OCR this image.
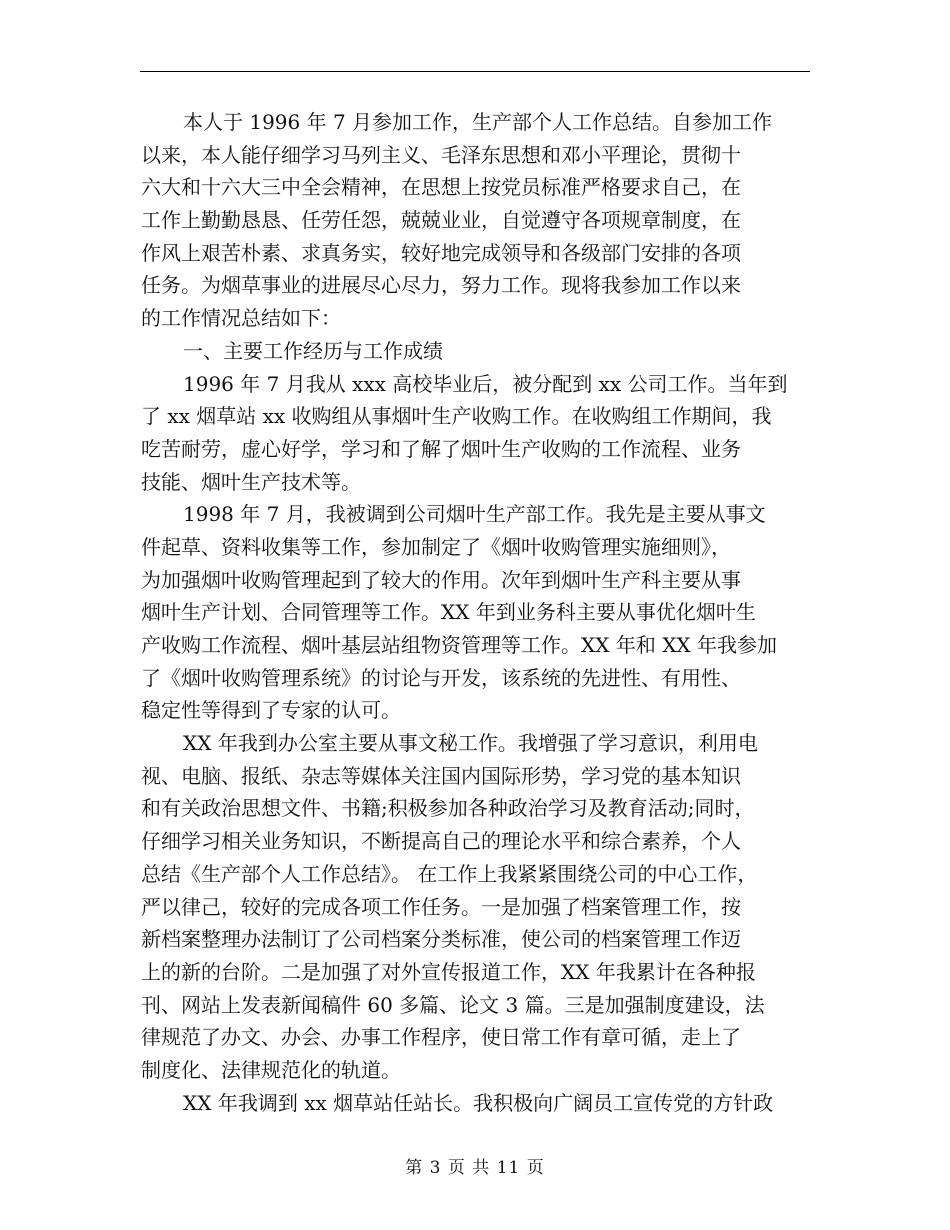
本人于 1996 年 7 月参加工作，生产部个人工作总结。自参加工作
以来，本人能仔细学习马列主义、毛泽东思想和邓小平理论，贯彻十
六大和十六大三中全会精神，在思想上按党员标准严格要求自己，在
工作上勤勤恳恳、任劳任怨，兢兢业业，自觉遵守各项规章制度，在
作风上艰苦朴素、求真务实，较好地完成领导和各级部门安排的各项
任务。为烟草事业的进展尽心尽力，努力工作。现将我参加工作以来
的工作情况总结如下：
一、主要工作经历与工作成绩
1996 年 7 月我从 xxx 高校毕业后，被分配到 xx 公司工作。当年到
了 xx 烟草站 xx 收购组从事烟叶生产收购工作。在收购组工作期间，我
吃苦耐劳，虚心好学，学习和了解了烟叶生产收购的工作流程、业务
技能、烟叶生产技术等。
1998 年 7 月，我被调到公司烟叶生产部工作。我先是主要从事文
件起草、资料收集等工作，参加制定了《烟叶收购管理实施细则》，
为加强烟叶收购管理起到了较大的作用。次年到烟叶生产科主要从事
烟叶生产计划、合同管理等工作。XX 年到业务科主要从事优化烟叶生
产收购工作流程、烟叶基层站组物资管理等工作。XX 年和 XX 年我参加
了《烟叶收购管理系统》的讨论与开发，该系统的先进性、有用性、
稳定性等得到了专家的认可。
XX 年我到办公室主要从事文秘工作。我增强了学习意识，利用电
视、电脑、报纸、杂志等媒体关注国内国际形势，学习党的基本知识
和有关政治思想文件、书籍;积极参加各种政治学习及教育活动;同时，
仔细学习相关业务知识，不断提高自己的理论水平和综合素养，个人
总结《生产部个人工作总结》。 在工作上我紧紧围绕公司的中心工作，
严以律己，较好的完成各项工作任务。一是加强了档案管理工作，按
新档案整理办法制订了公司档案分类标准，使公司的档案管理工作迈
上的新的台阶。二是加强了对外宣传报道工作，XX 年我累计在各种报
刊、网站上发表新闻稿件 60 多篇、论文 3 篇。三是加强制度建设，法
律规范了办文、办会、办事工作程序，使日常工作有章可循，走上了
制度化、法律规范化的轨道。
XX 年我调到 xx 烟草站任站长。我积极向广阔员工宣传党的方针政
第 3 页 共 11 页
